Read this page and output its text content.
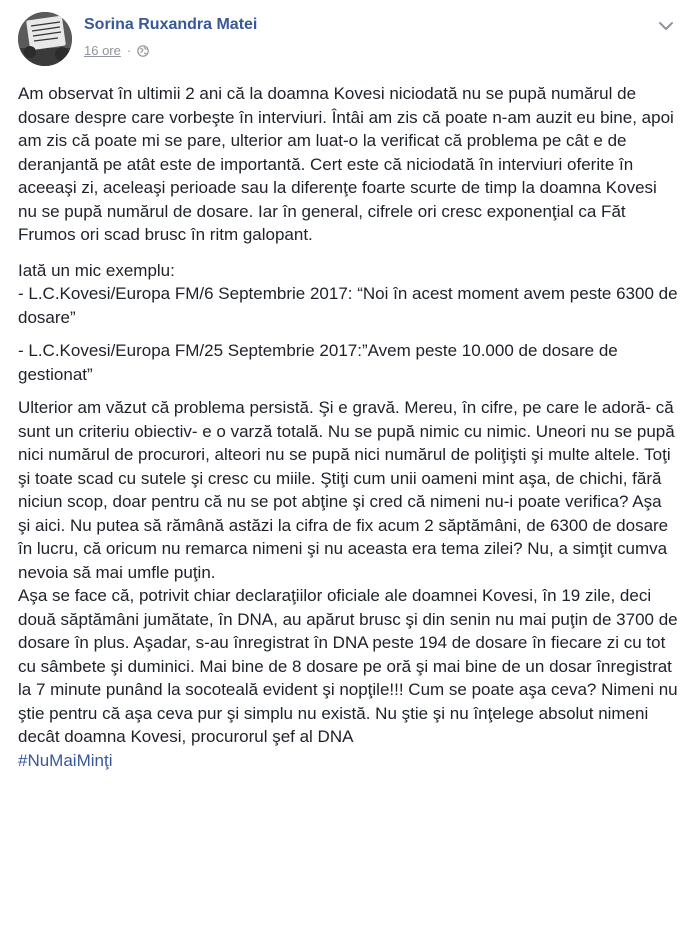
Sorina Ruxandra Matei
16 ore ·

Am observat în ultimii 2 ani că la doamna Kovesi niciodată nu se pupă numărul de dosare despre care vorbeşte în interviuri. Întâi am zis că poate n-am auzit eu bine, apoi am zis că poate mi se pare, ulterior am luat-o la verificat că problema pe cât e de deranjantă pe atât este de importantă. Cert este că niciodată în interviuri oferite în aceeaşi zi, aceleaşi perioade sau la diferenţe foarte scurte de timp la doamna Kovesi nu se pupă numărul de dosare. Iar în general, cifrele ori cresc exponenţial ca Făt Frumos ori scad brusc în ritm galopant.

Iată un mic exemplu:

- L.C.Kovesi/Europa FM/6 Septembrie 2017: “Noi în acest moment avem peste 6300 de dosare”

- L.C.Kovesi/Europa FM/25 Septembrie 2017:”Avem peste 10.000 de dosare de gestionat”

Ulterior am văzut că problema persistă. Şi e gravă. Mereu, în cifre, pe care le adoră- că sunt un criteriu obiectiv- e o varză totală. Nu se pupă nimic cu nimic. Uneori nu se pupă nici numărul de procurori, alteori nu se pupă nici numărul de poliţişti şi multe altele. Toţi şi toate scad cu sutele şi cresc cu miile. Ştiţi cum unii oameni mint aşa, de chichi, fără niciun scop, doar pentru că nu se pot abţine şi cred că nimeni nu-i poate verifica? Aşa şi aici. Nu putea să rămână astăzi la cifra de fix acum 2 săptămâni, de 6300 de dosare în lucru, că oricum nu remarca nimeni şi nu aceasta era tema zilei? Nu, a simţit cumva nevoia să mai umfle puţin.

Aşa se face că, potrivit chiar declaraţiilor oficiale ale doamnei Kovesi, în 19 zile, deci două săptămâni jumătate, în DNA, au apărut brusc şi din senin nu mai puţin de 3700 de dosare în plus. Aşadar, s-au înregistrat în DNA peste 194 de dosare în fiecare zi cu tot cu sâmbete şi duminici. Mai bine de 8 dosare pe oră şi mai bine de un dosar înregistrat la 7 minute punând la socoteală evident şi nopţile!!! Cum se poate aşa ceva? Nimeni nu ştie pentru că aşa ceva pur şi simplu nu există. Nu ştie şi nu înţelege absolut nimeni decât doamna Kovesi, procurorul şef al DNA

#NuMaiMinţi
